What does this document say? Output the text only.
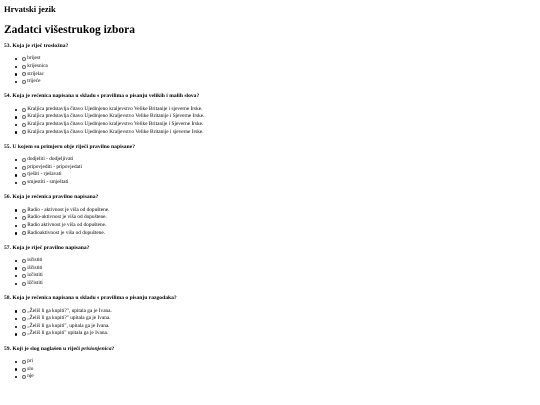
Hrvatski jezik
Zadatci višestrukog izbora
53. Koja je riječ trosložna?
brijest
krijesnica
strijelac
trijeće
54. Koja je rečenica napisana u skladu s pravilima o pisanju velikih i malih slova?
Kraljica predstavlja čitavo Ujedinjeno kraljevstvo Velike Britanije i sjeverne Irske.
Kraljica predstavlja čitavo Ujedinjeno Kraljevstvo Velike Britanije i Sjeverne Irske.
Kraljica predstavlja čitavo Ujedinjeno kraljevstvo Velike Britanije i Sjeverne Irske.
Kraljica predstavlja čitavo Ujedinjeno Kraljevstvo Velike Britanije i sjeverne Irske.
55. U kojem su primjeru obje riječi pravilno napisane?
dodjeliti - dodjeljivati
pripovjediti - pripovjedati
rjеšiti - rješavati
smjestiti - smještati
56. Koja je rečenica pravilno napisana?
Radio - aktivnost je viša od dopuštene.
Radio-aktivnost je viša od dopuštene.
Radio aktivnost je viša od dopuštene.
Radioaktivnost je viša od dopuštene.
57. Koja je riječ pravilno napisana?
isčistiti
iščistiti
izčistiti
ižčistiti
58. Koja je rečenica napisana u skladu s pravilima o pisanju razgodaka?
„Želiš li ga kupiti?", upitala ga je Ivana.
„Želiš li ga kupiti?" upitala ga je Ivana.
„Želiš li ga kupiti", upitala ga je Ivana.
„Želiš li ga kupiti" upitala ga je Ivana.
59. Koji je slog naglašen u riječi prisionjenica?
pri
slo
nje
